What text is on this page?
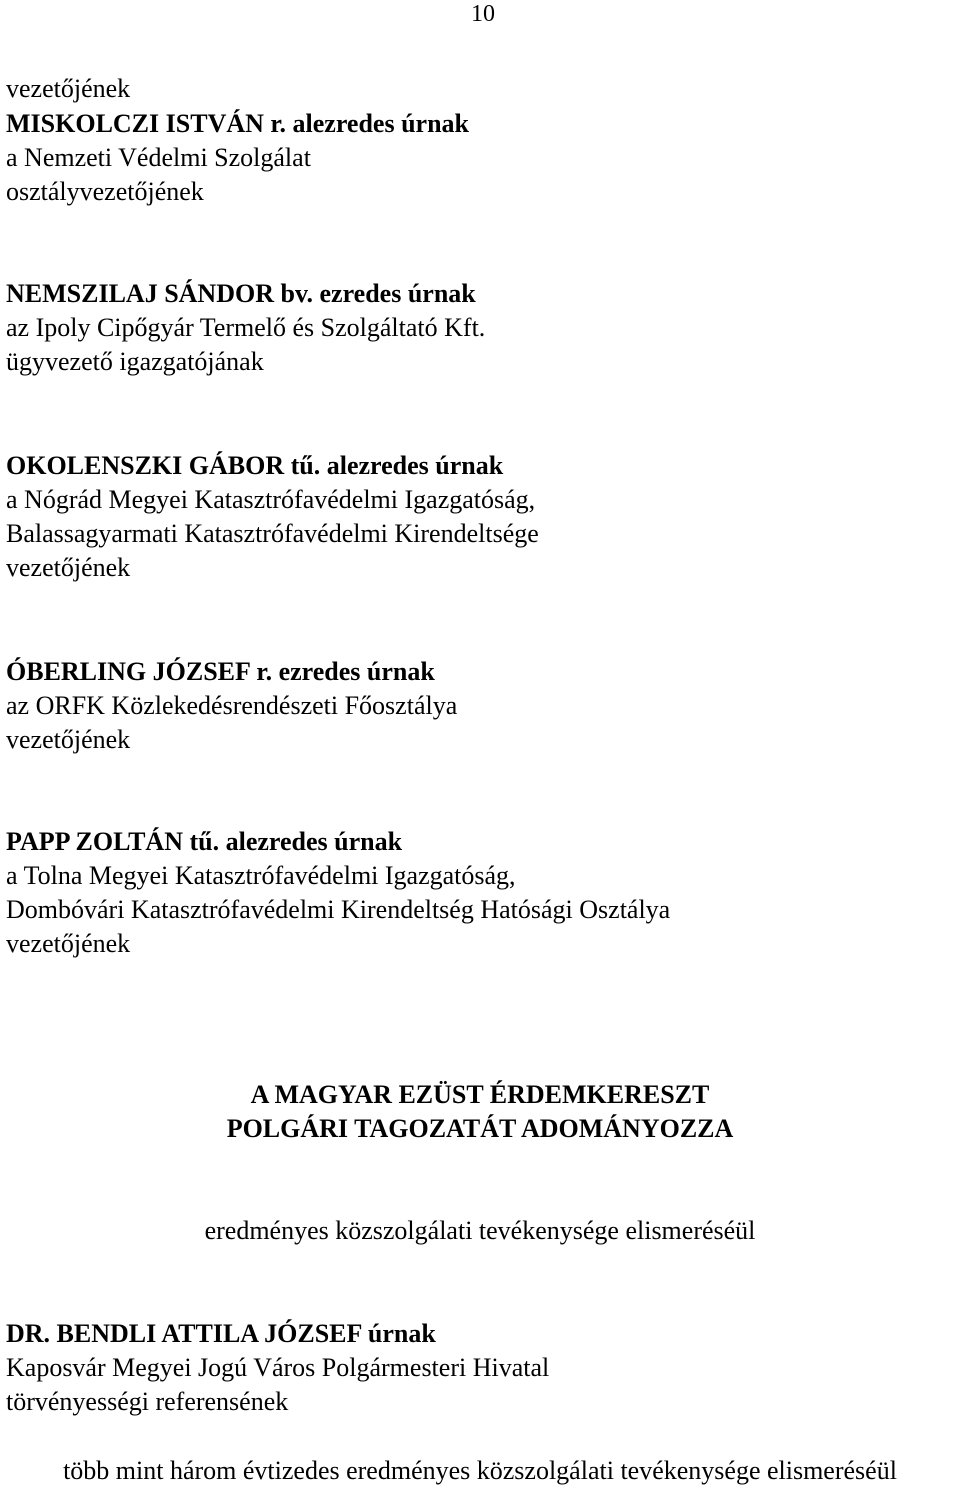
10

vezetőjének

MISKOLCZI ISTVÁN r. alezredes úrnak

a Nemzeti Védelmi Szolgálat

osztályvezetőjének

NEMSZILAJ SÁNDOR bv. ezredes úrnak

az Ipoly Cipőgyár Termelő és Szolgáltató Kft.

ügyvezető igazgatójának

OKOLENSZKI GÁBOR tű. alezredes úrnak

a Nógrád Megyei Katasztrófavédelmi Igazgatóság,

Balassagyarmati Katasztrófavédelmi Kirendeltsége

vezetőjének

ÓBERLING JÓZSEF r. ezredes úrnak

az ORFK Közlekedésrendészeti Főosztálya

vezetőjének

PAPP ZOLTÁN tű. alezredes úrnak

a Tolna Megyei Katasztrófavédelmi Igazgatóság,

Dombóvári Katasztrófavédelmi Kirendeltség Hatósági Osztálya

vezetőjének

A MAGYAR EZÜST ÉRDEMKERESZT

POLGÁRI TAGOZATÁT ADOMÁNYOZZA

eredményes közszolgálati tevékenysége elismeréséül

DR. BENDLI ATTILA JÓZSEF úrnak

Kaposvár Megyei Jogú Város Polgármesteri Hivatal

törvényességi referensének

több mint három évtizedes eredményes közszolgálati tevékenysége elismeréséül
